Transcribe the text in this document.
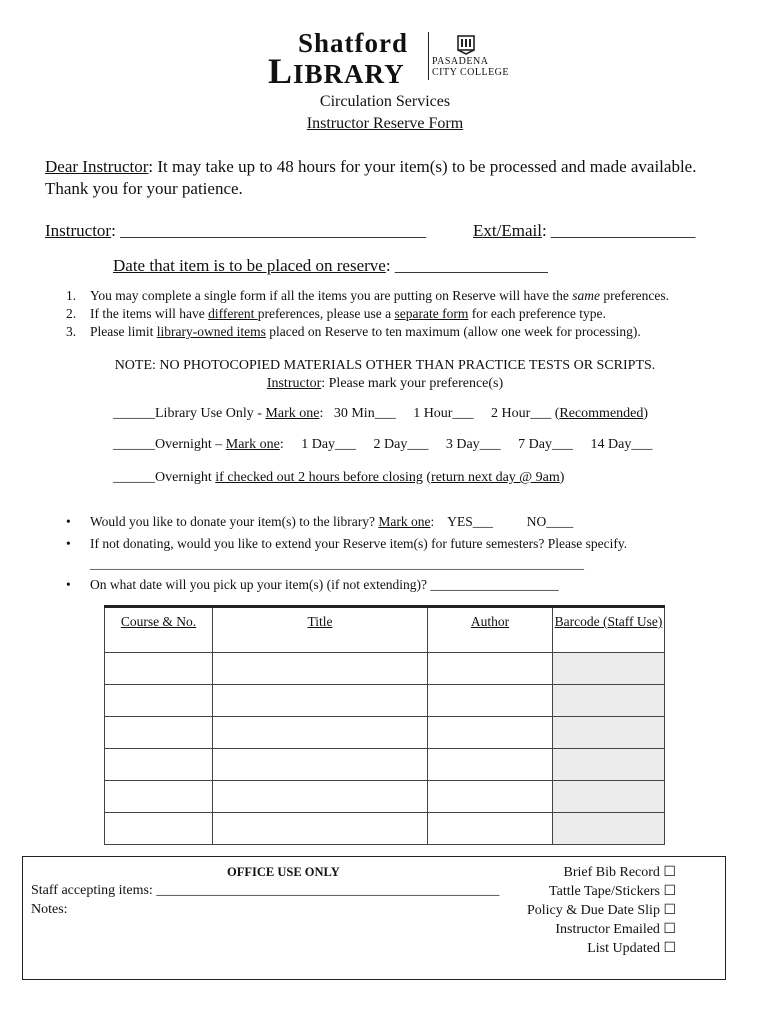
Shatford
LIBRARY	PASADENA
CITY COLLEGE
Circulation Services
Instructor Reserve Form
Dear Instructor: It may take up to 48 hours for your item(s) to be processed and made available.
Thank you for your patience.
Instructor: ____________________________________	Ext/Email: _________________
Date that item is to be placed on reserve: __________________
1. You may complete a single form if all the items you are putting on Reserve will have the same preferences.
2. If the items will have different preferences, please use a separate form for each preference type.
3. Please limit library-owned items placed on Reserve to ten maximum (allow one week for processing).
NOTE: NO PHOTOCOPIED MATERIALS OTHER THAN PRACTICE TESTS OR SCRIPTS.
Instructor: Please mark your preference(s)
______Library Use Only - Mark one:   30 Min___     1 Hour___     2 Hour___ (Recommended)
______Overnight – Mark one:     1 Day___     2 Day___     3 Day___     7 Day___     14 Day___
______Overnight if checked out 2 hours before closing (return next day @ 9am)
• Would you like to donate your item(s) to the library? Mark one:    YES___          NO____
• If not donating, would you like to extend your Reserve item(s) for future semesters? Please specify.
____________________________________________________________________________
• On what date will you pick up your item(s) (if not extending)? ___________________
Course & No.	Title	Author	Barcode (Staff Use)

OFFICE USE ONLY
Staff accepting items: _________________________________________________
Notes:
Brief Bib Record ☐
Tattle Tape/Stickers ☐
Policy & Due Date Slip ☐
Instructor Emailed ☐
List Updated ☐
